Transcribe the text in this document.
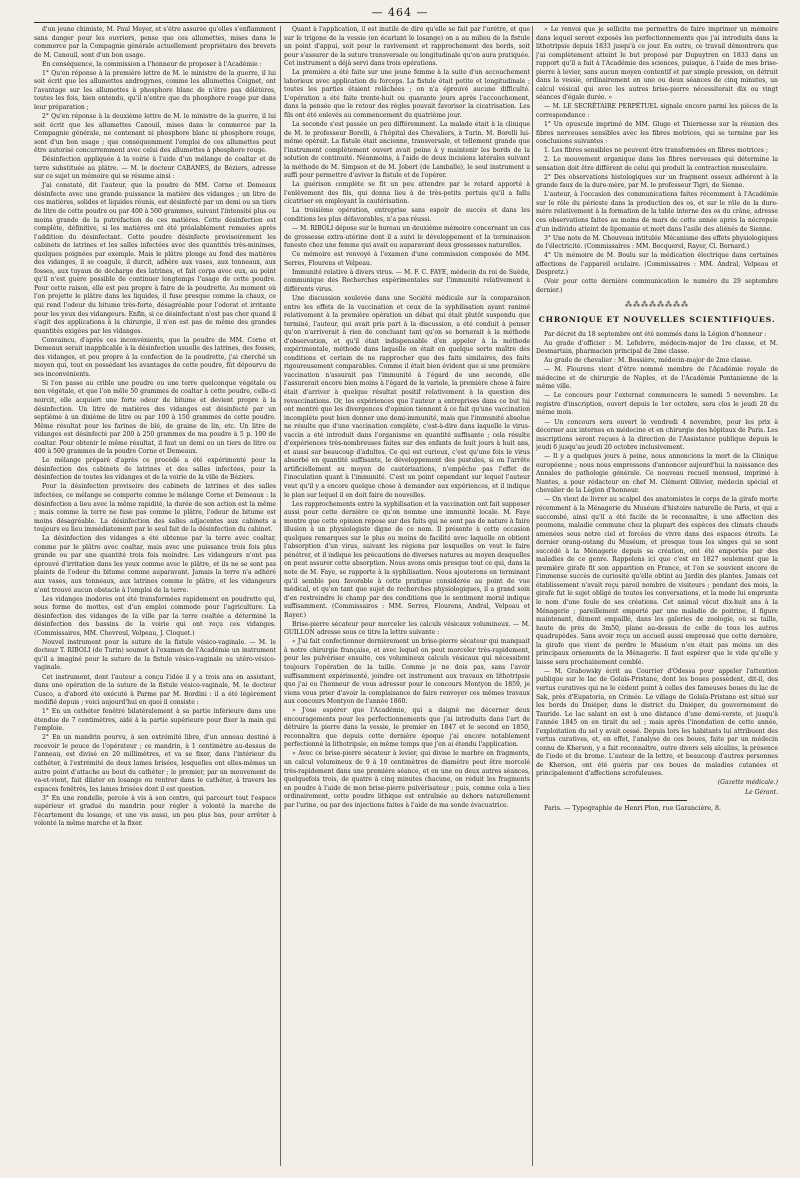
— 464 —

d'un jeune chimiste, M. Paul Meyer, et s'être assurée qu'elles s'enflamment sans danger pour les ouvriers, pense que ces allumettes, mises dans le commerce par la Compagnie générale actuellement propriétaire des brevets de M. Canouil, sont d'un bon usage.

En conséquence, la commission a l'honneur de proposer à l'Académie :

1° Qu'en réponse à la première lettre de M. le ministre de la guerre, il lui soit écrit que les allumettes androgynes, comme les allumettes Coignet, ont l'avantage sur les allumettes à phosphore blanc de n'être pas délétères, toutes les fois, bien entendu, qu'il n'entre que du phosphore rouge pur dans leur préparation ;

2° Qu'en réponse à la deuxième lettre de M. le ministre de la guerre, il lui soit écrit que les allumettes Canouil, mises dans le commerce par la Compagnie générale, ne contenant ni phosphore blanc ni phosphore rouge, sont d'un bon usage ; que conséquemment l'emploi de ces allumettes peut être autorisé concurremment avec celui des allumettes à phosphore rouge.

Désinfection appliquée à la voirie à l'aide d'un mélange de coaltar et de terre substituée au plâtre. — M. le docteur CABANES, de Béziers, adresse sur ce sujet un mémoire qui se résume ainsi :

J'ai constaté, dit l'auteur, que la poudre de MM. Corne et Demeaux désinfecte avec une grande puissance la matière des vidanges ; un litre de ces matières, solides et liquides réunis, est désinfecté par un demi ou un tiers de litre de cette poudre ou par 400 à 500 grammes, suivant l'intensité plus ou moins grande de la putréfaction de ces matières. Cette désinfection est complète, définitive, si les matières ont été préalablement remuées après l'addition du désinfectant. Cette poudre désinfecte provisoirement les cabinets de latrines et les salles infectées avec des quantités très-minimes, quelques poignées par exemple. Mais le plâtre plonge au fond des matières des vidanges, il se coagule, il durcit, adhère aux vases, aux tonneaux, aux fosses, aux tuyaux de décharge des latrines, et fait corps avec eux, au point qu'il n'est guère possible de continuer longtemps l'usage de cette poudre. Pour cette raison, elle est peu propre à faire de la poudrette. Au moment où l'on projette le plâtre dans les liquides, il fuse presque comme la chaux, ce qui rend l'odeur du bitume très-forte, désagréable pour l'odorat et irritante pour les yeux des vidangeurs. Enfin, si ce désinfectant n'est pas cher quand il s'agit des applications à la chirurgie, il n'en est pas de même des grandes quantités exigées par les vidanges.

Convaincu, d'après ces inconvénients, que la poudre de MM. Corne et Demeaux serait inapplicable à la désinfection usuelle des latrines, des fosses, des vidanges, et peu propre à la confection de la poudrette, j'ai cherché un moyen qui, tout en possédant les avantages de cette poudre, fût dépourvu de ses inconvénients.

Si l'on passe au crible une poudre ou une terre quelconque végétale ou non végétale, et que l'on mêle 50 grammes de coaltar à cette poudre, celle-ci noircit, elle acquiert une forte odeur de bitume et devient propre à la désinfection. Un litre de matières des vidanges est désinfecté par un septième à un dixième de litre ou par 100 à 150 grammes de cette poudre. Même résultat pour les farines de blé, de graine de lin, etc. Un litre de vidanges est désinfecté par 200 à 250 grammes de ma poudre à 5 p. 100 de coaltar. Pour obtenir le même résultat, il faut un demi ou un tiers de litre ou 400 à 500 grammes de la poudre Corne et Demeaux.

Le mélange préparé d'après ce procédé a été expérimenté pour la désinfection des cabinets de latrines et des salles infectées, pour la désinfection de toutes les vidanges et de la voirie de la ville de Béziers.

Pour la désinfection provisoire des cabinets de latrines et des salles infectées, ce mélange se comporte comme le mélange Corne et Demeaux : la désinfection a lieu avec la même rapidité, la durée de son action est la même ; mais comme la terre ne fuse pas comme le plâtre, l'odeur de bitume est moins désagréable. La désinfection des salles adjacentes aux cabinets a toujours eu lieu immédiatement par le seul fait de la désinfection du cabinet.

La désinfection des vidanges a été obtenue par la terre avec coaltar, comme par le plâtre avec coaltar, mais avec une puissance trois fois plus grande ou par une quantité trois fois moindre. Les vidangeurs n'ont pas éprouvé d'irritation dans les yeux comme avec le plâtre, et ils ne se sont pas plaints de l'odeur du bitume comme auparavant. Jamais la terre n'a adhéré aux vases, aux tonneaux, aux latrines comme le plâtre, et les vidangeurs n'ont trouvé aucun obstacle à l'emploi de la terre.

Les vidanges inodores ont été transformées rapidement en poudrette qui, sous forme de mottes, est d'un emploi commode pour l'agriculture. La désinfection des vidanges de la ville par la terre coaltée a déterminé la désinfection des bassins de la voirie qui ont reçu ces vidanges. (Commissaires, MM. Chevreul, Velpeau, J. Cloquet.)

Nouvel instrument pour la suture de la fistule vésico-vaginale. — M. le docteur T. RIBOLI (de Turin) soumet à l'examen de l'Académie un instrument qu'il a imaginé pour la suture de la fistule vésico-vaginale ou utéro-vésico-vaginale.

Cet instrument, dont l'auteur a conçu l'idée il y a trois ans en assistant, dans une opération de la suture de la fistule vésico-vaginale, M. le docteur Cusco, a d'abord été exécuté à Parme par M. Bordini : il a été légèrement modifié depuis ; voici aujourd'hui en quoi il consiste :

1° En un cathéter fenêtré bilatéralement à sa partie inférieure dans une étendue de 7 centimètres, aidé à la partie supérieure pour fixer la main qui l'emploie.

2° En un mandrin pourvu, à son extrémité libre, d'un anneau destiné à recevoir le pouce de l'opérateur ; ce mandrin, à 1 centimètre au-dessus de l'anneau, est divisé en 20 millimètres, et va se fixer, dans l'intérieur du cathéter, à l'extrémité de deux lames brisées, lesquelles ont elles-mêmes un autre point d'attache au bout du cathéter ; le premier, par un mouvement de va-et-vient, fait dilater en losange ou rentrer dans le cathéter, à travers les espaces fenêtrés, les lames brisées dont il est question.

3° En une rondelle, percée à vis à son centre, qui parcourt tout l'espace supérieur et gradué du mandrin pour régler à volonté la marche de l'écartement du losange, et une vis aussi, un peu plus bas, pour arrêter à volonté la même marche et la fixer.

Quant à l'application, il est inutile de dire qu'elle se fait par l'urètre, et que sur le trigone de la vessie (en écartant le losange) on a au milieu de la fistule un point d'appui, soit pour le ravivement et rapprochement des bords, soit pour s'assurer de la suture transversale ou longitudinale qu'on aura pratiquée. Cet instrument a déjà servi dans trois opérations.

La première a été faite sur une jeune femme à la suite d'un accouchement laborieux avec application du forceps. La fistule était petite et longitudinale ; toutes les parties étaient relâchées ; on n'a éprouvé aucune difficulté. L'opération a été faite trente-huit ou quarante jours après l'accouchement, dans la pensée que le retour des règles pouvait favoriser la cicatrisation. Les fils ont été enlevés au commencement du quatrième jour.

La seconde s'est passée un peu différemment. La malade était à la clinique de M. le professeur Borelli, à l'hôpital des Chevaliers, à Turin. M. Borelli lui-même opérait. La fistule était ancienne, transversale, et tellement grande que l'instrument complètement ouvert avait peine à y maintenir les bords de la solution de continuité. Néanmoins, à l'aide de deux incisions latérales suivant la méthode de M. Simpson et de M. Jobert (de Lamballe), le seul instrument a suffi pour permettre d'aviver la fistule et de l'opérer.

La guérison complète se fit un peu attendre par le retard apporté à l'enlèvement des fils, qui donna lieu à de très-petits pertuis qu'il a fallu cicatriser en employant la cautérisation.

La troisième opération, entreprise sans espoir de succès et dans les conditions les plus défavorables, n'a pas réussi.

— M. RIBOLI dépose sur le bureau un deuxième mémoire concernant un cas de grossesse extra-utérine dont il a suivi le développement et la terminaison funeste chez une femme qui avait eu auparavant deux grossesses naturelles.

Ce mémoire est renvoyé à l'examen d'une commission composée de MM. Serres, Flourens et Velpeau.

Immunité relative à divers virus. — M. F. C. FAYE, médecin du roi de Suède, communique des Recherches expérimentales sur l'immunité relativement à différents virus.

Une discussion soulevée dans une Société médicale sur la comparaison entre les effets de la vaccination et ceux de la syphilisation ayant ranimé relativement à la première opération un débat qui était plutôt suspendu que terminé, l'auteur, qui avait pris part à la discussion, a été conduit à penser qu'on n'arriverait à rien de concluant tant qu'on se bornerait à la méthode d'observation, et qu'il était indispensable d'en appeler à la méthode expérimentale, méthode dans laquelle on était en quelque sorte maître des conditions et certain de ne rapprocher que des faits similaires, des faits rigoureusement comparables. Comme il était bien évident que si une première vaccination n'assurait pas l'immunité à l'égard de une seconde, elle l'assurerait encore bien moins à l'égard de la variole, la première chose à faire était d'arriver à quelque résultat positif relativement à la question des revaccinations. Or, les expériences que l'auteur a entreprises dans ce but lui ont montré que les divergences d'opinion tiennent à ce fait qu'une vaccination incomplète peut bien donner une demi-immunité, mais que l'immunité absolue ne résulte que d'une vaccination complète, c'est-à-dire dans laquelle le virus-vaccin a été introduit dans l'organisme en quantité suffisante ; cela résulte d'expériences très-nombreuses faites sur des enfants de huit jours à huit ans, et aussi sur beaucoup d'adultes. Ce qui est curieux, c'est qu'une fois le virus absorbé en quantité suffisante, le développement des pustules, si on l'arrête artificiellement au moyen de cautérisations, n'empêche pas l'effet de l'inoculation quant à l'immunité. C'est un point cependant sur lequel l'auteur veut qu'il y a encore quelque chose à demander aux expériences, et il indique le plan sur lequel il en doit faire de nouvelles.

Les rapprochements entre la syphilisation et la vaccination ont fait supposer aussi pour cette dernière ce qu'on nomme une immunité locale. M. Faye montre que cette opinion repose sur des faits qui ne sont pas de nature à faire illusion à un physiologiste digne de ce nom. Il présente à cette occasion quelques remarques sur le plus ou moins de facilité avec laquelle on obtient l'absorption d'un virus, suivant les régions par lesquelles on veut le faire pénétrer, et il indique les précautions de diverses natures au moyen desquelles on peut assurer cette absorption. Nous avons omis presque tout ce qui, dans la note de M. Faye, se rapporte à la syphilisation. Nous ajouterons en terminant qu'il semble peu favorable à cette pratique considérée au point de vue médical, et qu'en tant que sujet de recherches physiologiques, il a grand soin d'en restreindre le champ par des conditions que le sentiment moral indique suffisamment. (Commissaires : MM. Serres, Flourens, Andral, Velpeau et Rayer.)

Brise-pierre sécateur pour morceler les calculs vésicaux volumineux. — M. GUILLON adresse sous ce titre la lettre suivante :

« J'ai fait confectionner dernièrement un brise-pierre sécateur qui manquait à notre chirurgie française, et avec lequel on peut morceler très-rapidement, pour les pulvériser ensuite, ces volumineux calculs vésicaux qui nécessitent toujours l'opération de la taille. Comme je ne dois pas, sans l'avoir suffisamment expérimenté, joindre cet instrument aux travaux en lithotripsie que j'ai eu l'honneur de vous adresser pour le concours Montyon de 1859, je viens vous prier d'avoir la complaisance de faire renvoyer ces mêmes travaux aux concours Montyon de l'année 1860.

» J'ose espérer que l'Académie, qui a daigné me décerner deux encouragements pour les perfectionnements que j'ai introduits dans l'art de détruire la pierre dans la vessie, le premier en 1847 et le second en 1850, reconnaîtra que depuis cette dernière époque j'ai encore notablement perfectionné la lithotripsie, en même temps que j'en ai étendu l'application.

» Avec ce brise-pierre sécateur à levier, qui divise le marbre en fragments, un calcul volumineux de 9 à 10 centimètres de diamètre peut être morcelé très-rapidement dans une première séance, et en une ou deux autres séances, quelquefois trois, de quatre à cinq minutes chacune, on réduit les fragments en poudre à l'aide de mon brise-pierre pulvérisateur ; puis, comme cela a lieu ordinairement, cette poudre lithique est entraînée au dehors naturellement par l'urine, ou par des injections faites à l'aide de ma sonde évacuatrice.

» Le renvoi que je sollicite me permettra de faire imprimer un mémoire dans lequel seront exposés les perfectionnements que j'ai introduits dans la lithotripsie depuis 1833 jusqu'à ce jour. En outre, ce travail démontrera que j'ai complètement atteint le but proposé par Dupuytren en 1833 dans un rapport qu'il a fait à l'Académie des sciences, puisque, à l'aide de mes brise-pierre à levier, sans aucun moyen contentif et par simple pression, on détruit dans la vessie, ordinairement en une ou deux séances de cinq minutes, un calcul vésical qui avec les autres brise-pierre nécessiterait dix ou vingt séances d'égale durée. »

— M. LE SECRÉTAIRE PERPÉTUEL signale encore parmi les pièces de la correspondance :

1° Un opuscule imprimé de MM. Gluge et Thiernesse sur la réunion des fibres nerveuses sensibles avec les fibres motrices, qui se termine par les conclusions suivantes :

1. Les fibres sensibles ne peuvent être transformées en fibres motrices ;

2. Le mouvement organique dans les fibres nerveuses qui détermine la sensation doit être différent de celui qui produit la contraction musculaire.

2° Des observations histologiques sur un fragment osseux adhérent à la grande faux de la dure-mère, par M. le professeur Tigri, de Sienne.

L'auteur, à l'occasion des communications faites récemment à l'Académie sur le rôle du périoste dans la production des os, et sur le rôle de la dure-mère relativement à la formation de la table interne des os du crâne, adresse ces observations faites au moins de mars de cette année après la nécropsie d'un individu atteint de lipomanie et mort dans l'asile des aliénés de Sienne.

3° Une note de M. Chouveau intitulée Mécanisme des effets physiologiques de l'électricité. (Commissaires : MM. Becquerel, Rayer, Cl. Bernard.)

4° Un mémoire de M. Boulu sur la médication électrique dans certaines affections de l'appareil oculaire. (Commissaires : MM. Andral, Velpeau et Despretz.)

(Voir pour cette dernière communication le numéro du 29 septembre dernier.)

⁂⁂⁂⁂⁂⁂⁂⁂
CHRONIQUE ET NOUVELLES SCIENTIFIQUES.

Par décret du 18 septembre ont été nommés dans la Légion d'honneur :

Au grade d'officier : M. Lefebvre, médecin-major de 1re classe, et M. Desmartain, pharmacien principal de 2me classe.

Au grade de chevalier : M. Bossière, médecin-major de 2me classe.

— M. Flourens vient d'être nommé membre de l'Académie royale de médecine et de chirurgie de Naples, et de l'Académie Pontanienne de la même ville.

— Le concours pour l'externat commencera le samedi 5 novembre. Le registre d'inscription, ouvert depuis le 1er octobre, sera clos le jeudi 20 du même mois.

— Un concours sera ouvert le vendredi 4 novembre, pour les prix à décerner aux internes en médecine et en chirurgie des hôpitaux de Paris. Les inscriptions seront reçues à la direction de l'Assistance publique depuis le jeudi 6 jusqu'au jeudi 20 octobre inclusivement.

— Il y a quelques jours à peine, nous annoncions la mort de la Clinique européenne ; nous nous empressons d'annoncer aujourd'hui la naissance des Annales de pathologie générale. Ce nouveau recueil mensuel, imprimé à Nantes, a pour rédacteur en chef M. Clément Ollivier, médecin spécial et chevalier de la Légion d'honneur.

— On vient de livrer au scalpel des anatomistes le corps de la girafe morte récemment à la Ménagerie du Muséum d'histoire naturelle de Paris, et qui a succombé, ainsi qu'il a été facile de le reconnaître, à une affection des poumons, maladie commune chez la plupart des espèces des climats chauds amenées sous notre ciel et forcées de vivre dans des espaces étroits. Le dernier orang-outang du Muséum, et presque tous les singes qui se sont succédé à la Ménagerie depuis sa création, ont été emportés par des maladies de ce genre. Rappelons ici que c'est en 1827 seulement que la première girafe fit son apparition en France, et l'on se souvient encore de l'immense succès de curiosité qu'elle obtint au Jardin des plantes. Jamais cet établissement n'avait reçu pareil nombre de visiteurs ; pendant des mois, la girafe fut le sujet obligé de toutes les conversations, et la mode lui emprunta le nom d'une foule de ses créations. Cet animal vécut dix-huit ans à la Ménagerie ; pareillement emporté par une maladie de poitrine, il figure maintenant, dûment empaillé, dans les galeries de zoologie, où sa taille, haute de près de 3m50, plane au-dessus de celle de tous les autres quadrupèdes. Sans avoir reçu un accueil aussi empressé que cette dernière, la girafe que vient de perdre le Muséum n'en était pas moins un des principaux ornements de la Ménagerie. Il faut espérer que le vide qu'elle y laisse sera prochainement comblé.

— M. Grabowsky écrit au Courrier d'Odessa pour appeler l'attention publique sur le lac de Golaïs-Pristane, dont les boues possèdent, dit-il, des vertus curatives qui ne le cèdent point à celles des fameuses boues du lac de Sak, près d'Eupatoria, en Crimée. Le village de Golaïa-Pristane est situé sur les bords du Dniéper, dans le district du Dniéper, du gouvernement de Tauride. Le lac salant en est à une distance d'une demi-verste, et jusqu'à l'année 1845 on en tirait du sel ; mais après l'inondation de cette année, l'exploitation du sel y avait cessé. Depuis lors les habitants lui attribuent des vertus curatives, et, en effet, l'analyse de ces boues, faite par un médecin connu de Kherson, y a fait reconnaître, outre divers sels alcalins, la présence de l'iode et du brome. L'auteur de la lettre, et beaucoup d'autres personnes de Kherson, ont été guéris par ces boues de maladies cutanées et principalement d'affections scrofuleuses.

(Gazette médicale.)

Le Gérant.

Paris. — Typographie de Henri Plon, rue Garancière, 8.
